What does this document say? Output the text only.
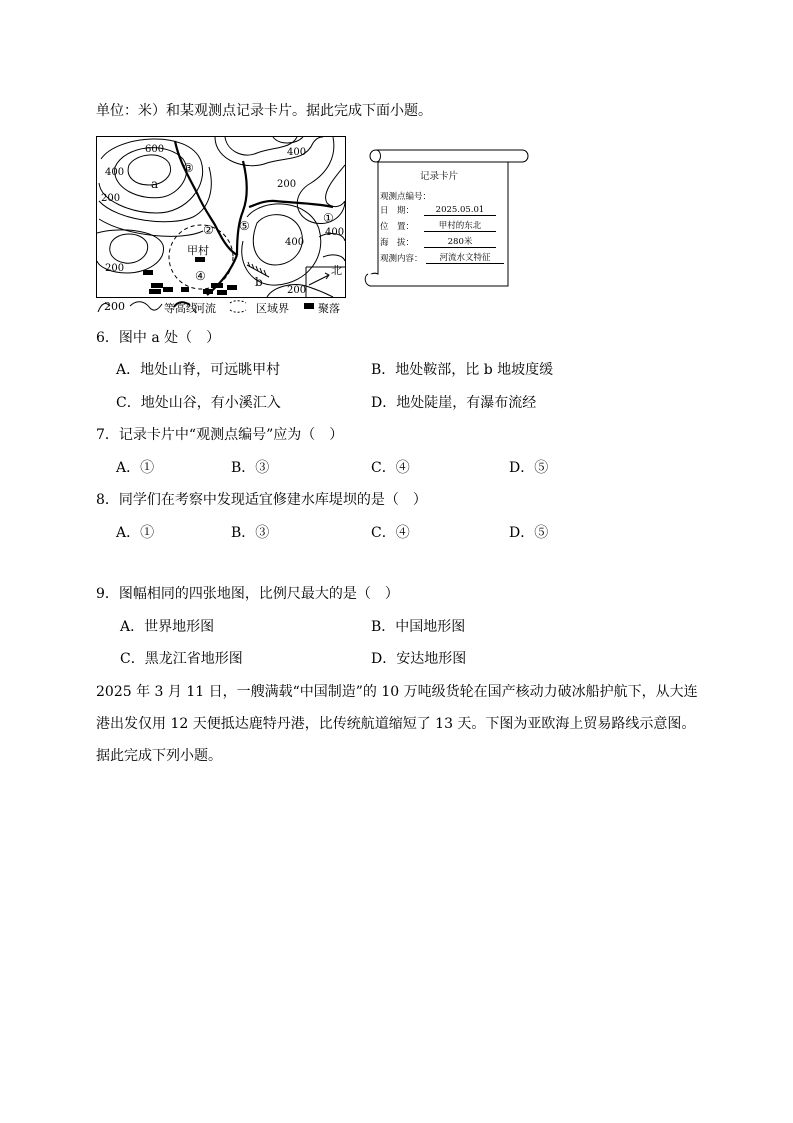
单位：米）和某观测点记录卡片。据此完成下面小题。
600
400
a
200
400
200
400
400
200
200
b
甲村
北
①
②
③
④
⑤
200	等高线
河流	区域界	聚落
记录卡片
观测点编号：
日　期：	2025.05.01
位　置：	甲村的东北
海　拔：	280米
观测内容：	河流水文特征
6．图中 a 处（　）
A．地处山脊，可远眺甲村	B．地处鞍部，比 b 地坡度缓
C．地处山谷，有小溪汇入	D．地处陡崖，有瀑布流经
7．记录卡片中“观测点编号”应为（　）
A．①	B．③	C．④	D．⑤
8．同学们在考察中发现适宜修建水库堤坝的是（　）
A．①	B．③	C．④	D．⑤
9．图幅相同的四张地图，比例尺最大的是（　）
A．世界地形图	B．中国地形图
C．黑龙江省地形图	D．安达地形图
2025 年 3 月 11 日，一艘满载“中国制造”的 10 万吨级货轮在国产核动力破冰船护航下，从大连港出发仅用 12 天便抵达鹿特丹港，比传统航道缩短了 13 天。下图为亚欧海上贸易路线示意图。据此完成下列小题。
